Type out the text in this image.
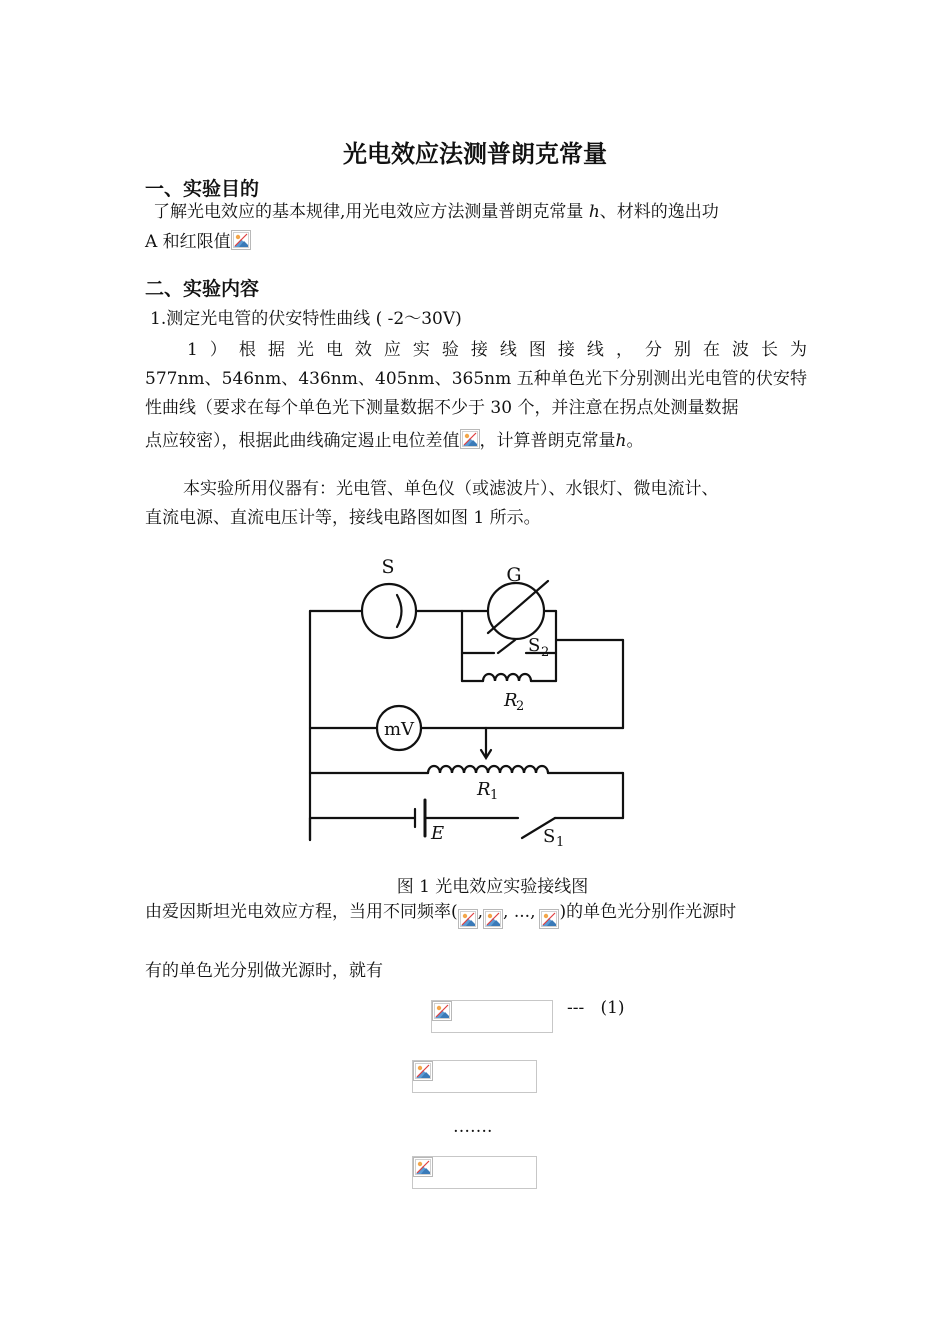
光电效应法测普朗克常量
一、实验目的
了解光电效应的基本规律,用光电效应方法测量普朗克常量 h、材料的逸出功
A 和红限值
二、实验内容
1.测定光电管的伏安特性曲线 ( -2～30V)
1）根据光电效应实验接线图接线，分别在波长为
577nm、546nm、436nm、405nm、365nm 五种单色光下分别测出光电管的伏安特
性曲线（要求在每个单色光下测量数据不少于 30 个，并注意在拐点处测量数据
点应较密），根据此曲线确定遏止电位差值 ，计算普朗克常量h。
本实验所用仪器有：光电管、单色仪（或滤波片）、水银灯、微电流计、
直流电源、直流电压计等，接线电路图如图 1 所示。
S	G
S 2
R
2
mV
R 1
E	S 1
图 1 光电效应实验接线图
由爱因斯坦光电效应方程，当用不同频率( , , ..., )的单色光分别作光源时
有的单色光分别做光源时，就有
---   (1)
…….
